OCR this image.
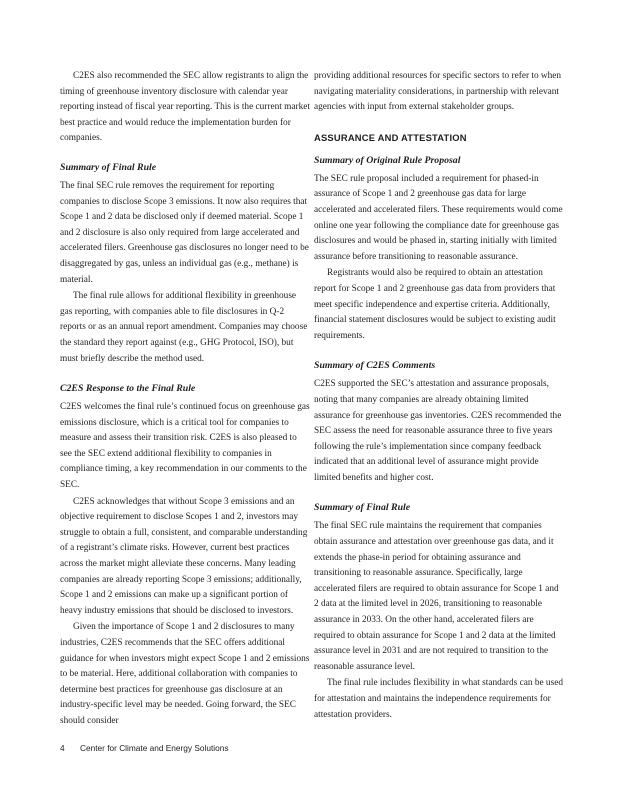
C2ES also recommended the SEC allow registrants to align the timing of greenhouse inventory disclosure with calendar year reporting instead of fiscal year reporting. This is the current market best practice and would reduce the implementation burden for companies.

Summary of Final Rule

The final SEC rule removes the requirement for reporting companies to disclose Scope 3 emissions. It now also requires that Scope 1 and 2 data be disclosed only if deemed material. Scope 1 and 2 disclosure is also only required from large accelerated and accelerated filers. Greenhouse gas disclosures no longer need to be disaggregated by gas, unless an individual gas (e.g., methane) is material.

The final rule allows for additional flexibility in greenhouse gas reporting, with companies able to file disclosures in Q-2 reports or as an annual report amendment. Companies may choose the standard they report against (e.g., GHG Protocol, ISO), but must briefly describe the method used.

C2ES Response to the Final Rule

C2ES welcomes the final rule’s continued focus on greenhouse gas emissions disclosure, which is a critical tool for companies to measure and assess their transition risk. C2ES is also pleased to see the SEC extend additional flexibility to companies in compliance timing, a key recommendation in our comments to the SEC.

C2ES acknowledges that without Scope 3 emissions and an objective requirement to disclose Scopes 1 and 2, investors may struggle to obtain a full, consistent, and comparable understanding of a registrant’s climate risks. However, current best practices across the market might alleviate these concerns. Many leading companies are already reporting Scope 3 emissions; additionally, Scope 1 and 2 emissions can make up a significant portion of heavy industry emissions that should be disclosed to investors.

Given the importance of Scope 1 and 2 disclosures to many industries, C2ES recommends that the SEC offers additional guidance for when investors might expect Scope 1 and 2 emissions to be material. Here, additional collaboration with companies to determine best practices for greenhouse gas disclosure at an industry-specific level may be needed. Going forward, the SEC should consider

providing additional resources for specific sectors to refer to when navigating materiality considerations, in partnership with relevant agencies with input from external stakeholder groups.

ASSURANCE AND ATTESTATION
Summary of Original Rule Proposal

The SEC rule proposal included a requirement for phased-in assurance of Scope 1 and 2 greenhouse gas data for large accelerated and accelerated filers. These requirements would come online one year following the compliance date for greenhouse gas disclosures and would be phased in, starting initially with limited assurance before transitioning to reasonable assurance.

Registrants would also be required to obtain an attestation report for Scope 1 and 2 greenhouse gas data from providers that meet specific independence and expertise criteria. Additionally, financial statement disclosures would be subject to existing audit requirements.

Summary of C2ES Comments

C2ES supported the SEC’s attestation and assurance proposals, noting that many companies are already obtaining limited assurance for greenhouse gas inventories. C2ES recommended the SEC assess the need for reasonable assurance three to five years following the rule’s implementation since company feedback indicated that an additional level of assurance might provide limited benefits and higher cost.

Summary of Final Rule

The final SEC rule maintains the requirement that companies obtain assurance and attestation over greenhouse gas data, and it extends the phase-in period for obtaining assurance and transitioning to reasonable assurance. Specifically, large accelerated filers are required to obtain assurance for Scope 1 and 2 data at the limited level in 2026, transitioning to reasonable assurance in 2033. On the other hand, accelerated filers are required to obtain assurance for Scope 1 and 2 data at the limited assurance level in 2031 and are not required to transition to the reasonable assurance level.

The final rule includes flexibility in what standards can be used for attestation and maintains the independence requirements for attestation providers.

4 Center for Climate and Energy Solutions
